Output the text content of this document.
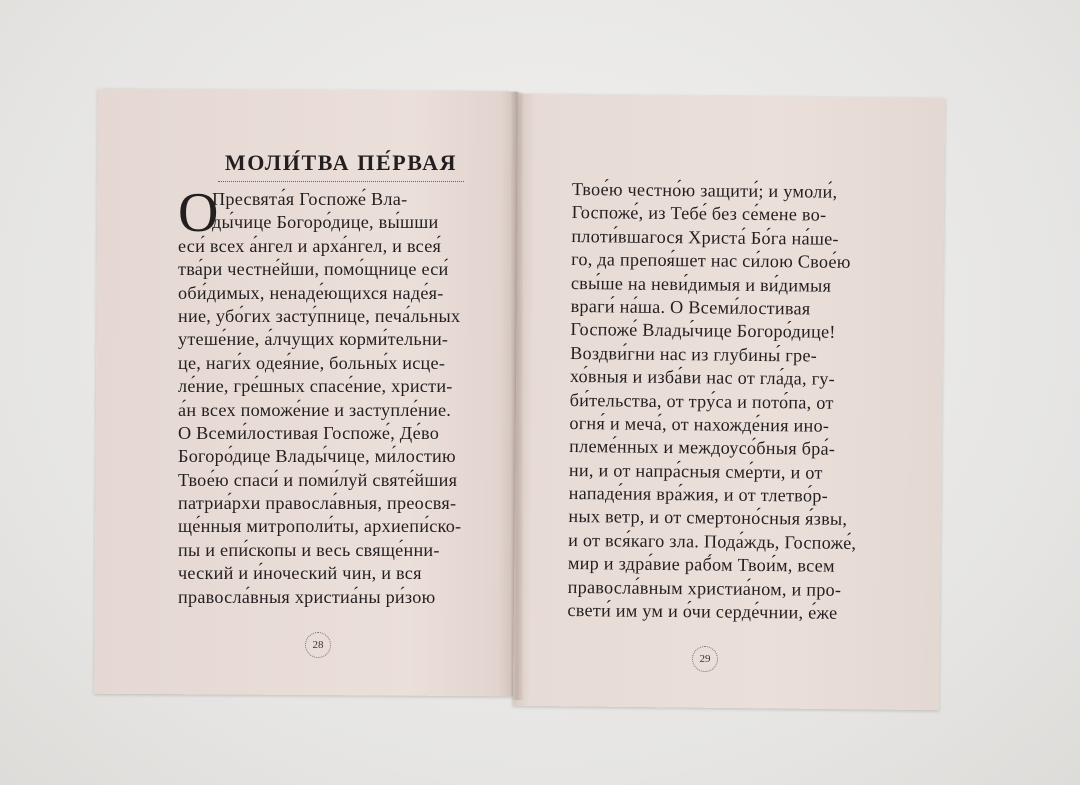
МОЛИ́ТВА ПЕ́РВАЯ
О
Пресвята́я Госпоже́ Вла-
ды́чице Богоро́дице, вы́шши
еси́ всех а́нгел и арха́нгел, и всея́
тва́ри честне́йши, помо́щнице еси́
оби́димых, ненаде́ющихся наде́я-
ние, убо́гих засту́пнице, печа́льных
утеше́ние, а́лчущих корми́тельни-
це, наги́х одея́ние, больны́х исце-
ле́ние, гре́шных спасе́ние, христи-
а́н всех поможе́ние и заступле́ние.
О Всеми́лостивая Госпоже́, Де́во
Богоро́дице Влады́чице, ми́лостию
Твое́ю спаси́ и поми́луй святе́йшия
патриа́рхи правосла́вныя, преосвя-
ще́нныя митрополи́ты, архиепи́ско-
пы и епи́скопы и весь свяще́нни-
ческий и и́ноческий чин, и вся
правосла́вныя христиа́ны ри́зою
28
Твое́ю честно́ю защити́; и умоли́,
Госпоже́, из Тебе́ без се́мене во-
плоти́вшагося Христа́ Бо́га на́ше-
го, да препоя́шет нас си́лою Свое́ю
свы́ше на неви́димыя и ви́димыя
враги́ на́ша. О Всеми́лостивая
Госпоже́ Влады́чице Богоро́дице!
Воздви́гни нас из глубины́ гре-
хо́вныя и изба́ви нас от гла́да, гу-
би́тельства, от тру́са и пото́па, от
огня́ и меча́, от нахожде́ния ино-
племе́нных и междоусо́бныя бра́-
ни, и от напра́сныя сме́рти, и от
нападе́ния вра́жия, и от тлетво́р-
ных ветр, и от смертоно́сныя я́звы,
и от вся́каго зла. Пода́ждь, Госпоже́,
мир и здра́вие раб́ом Твои́м, всем
правосла́вным христиа́ном, и про-
свети́ им ум и о́чи серде́чнии, е́же
29
